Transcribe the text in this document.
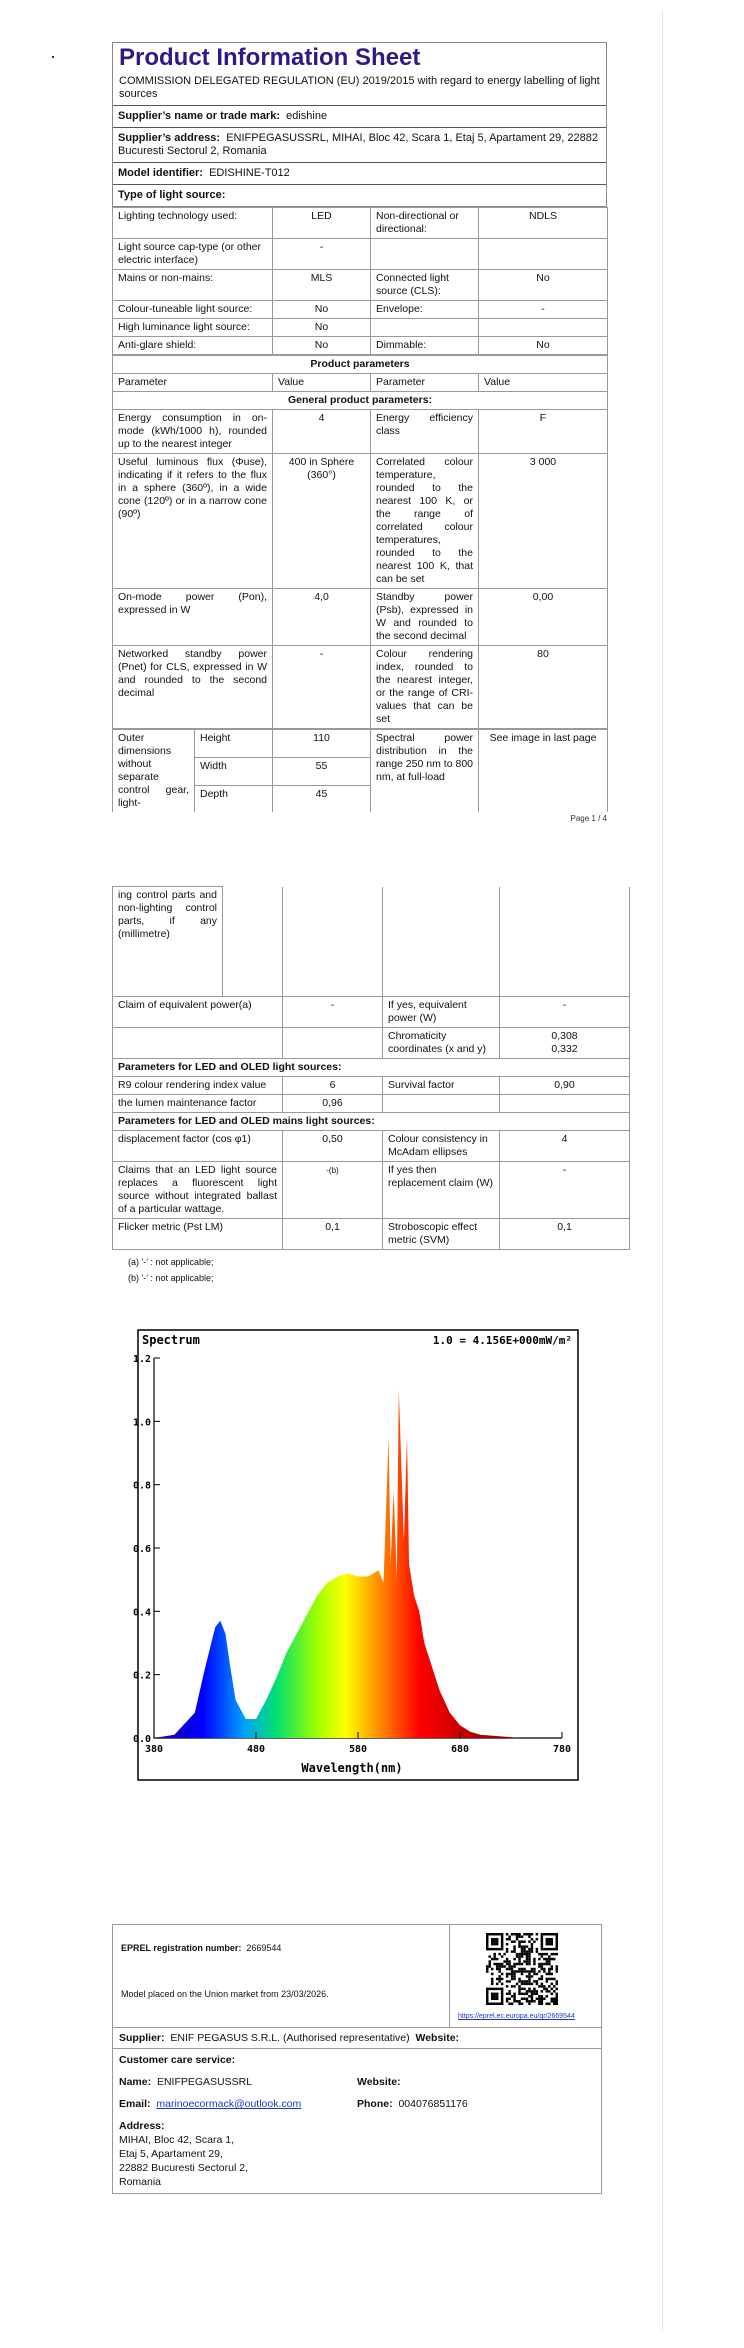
Product Information Sheet
COMMISSION DELEGATED REGULATION (EU) 2019/2015 with regard to energy labelling of light sources
Supplier’s name or trade mark: edishine
Supplier’s address: ENIFPEGASUSSRL, MIHAI, Bloc 42, Scara 1, Etaj 5, Apartament 29, 22882 Bucuresti Sectorul 2, Romania
Model identifier: EDISHINE-T012
Type of light source:
Lighting technology used:	LED	Non-directional or directional:	NDLS
Light source cap-type (or other electric interface)	-		
Mains or non-mains:	MLS	Connected light source (CLS):	No
Colour-tuneable light source:	No	Envelope:	-
High luminance light source:	No		
Anti-glare shield:	No	Dimmable:	No
Product parameters			
Parameter	Value	Parameter	Value
General product parameters:			
Energy consumption in on-mode (kWh/1000 h), rounded up to the nearest integer	4	Energy efficiency class	F
Useful luminous flux (Φuse), indicating if it refers to the flux in a sphere (360º), in a wide cone (120º) or in a narrow cone (90º)	400 in Sphere (360°)	Correlated colour temperature, rounded to the nearest 100 K, or the range of correlated colour temperatures, rounded to the nearest 100 K, that can be set	3 000
On-mode power (Pon), expressed in W	4,0	Standby power (Psb), expressed in W and rounded to the second decimal	0,00
Networked standby power (Pnet) for CLS, expressed in W and rounded to the second decimal	-	Colour rendering index, rounded to the nearest integer, or the range of CRI-values that can be set	80
Outer dimensions without separate control gear, light-	Height	110	Spectral power distribution in the range 250 nm to 800 nm, at full-load	See image in last page
	Width	55		
	Depth	45		
Page 1 / 4
ing control parts and non-lighting control parts, if any (millimetre)				
Claim of equivalent power(a)		-	If yes, equivalent power (W)	-
			Chromaticity coordinates (x and y)	0,308
0,332

Parameters for LED and OLED light sources:				
R9 colour rendering index value		6	Survival factor	0,90
the lumen maintenance factor		0,96		
Parameters for LED and OLED mains light sources:				
displacement factor (cos φ1)		0,50	Colour consistency in McAdam ellipses	4
Claims that an LED light source replaces a fluorescent light source without integrated ballast of a particular wattage.		-(b)	If yes then replacement claim (W)	-
Flicker metric (Pst LM)		0,1	Stroboscopic effect metric (SVM)	0,1
(a) '-' : not applicable;
(b) '-' : not applicable;
0.0
0.2
0.4
0.6
0.8
1.0
1.2
380	480	580	680	780
Spectrum	1.0 = 4.156E+000mW/m²
Wavelength(nm)
EPREL registration number: 2669544
Model placed on the Union market from 23/03/2026.
https://eprel.ec.europa.eu/qr/2669544
Supplier: ENIF PEGASUS S.R.L. (Authorised representative) Website:
Customer care service:
Name: ENIFPEGASUSSRL	Website:
Email: marinoecormack@outlook.com	Phone: 004076851176
Address:
MIHAI, Bloc 42, Scara 1,
Etaj 5, Apartament 29,
22882 Bucuresti Sectorul 2,
Romania
